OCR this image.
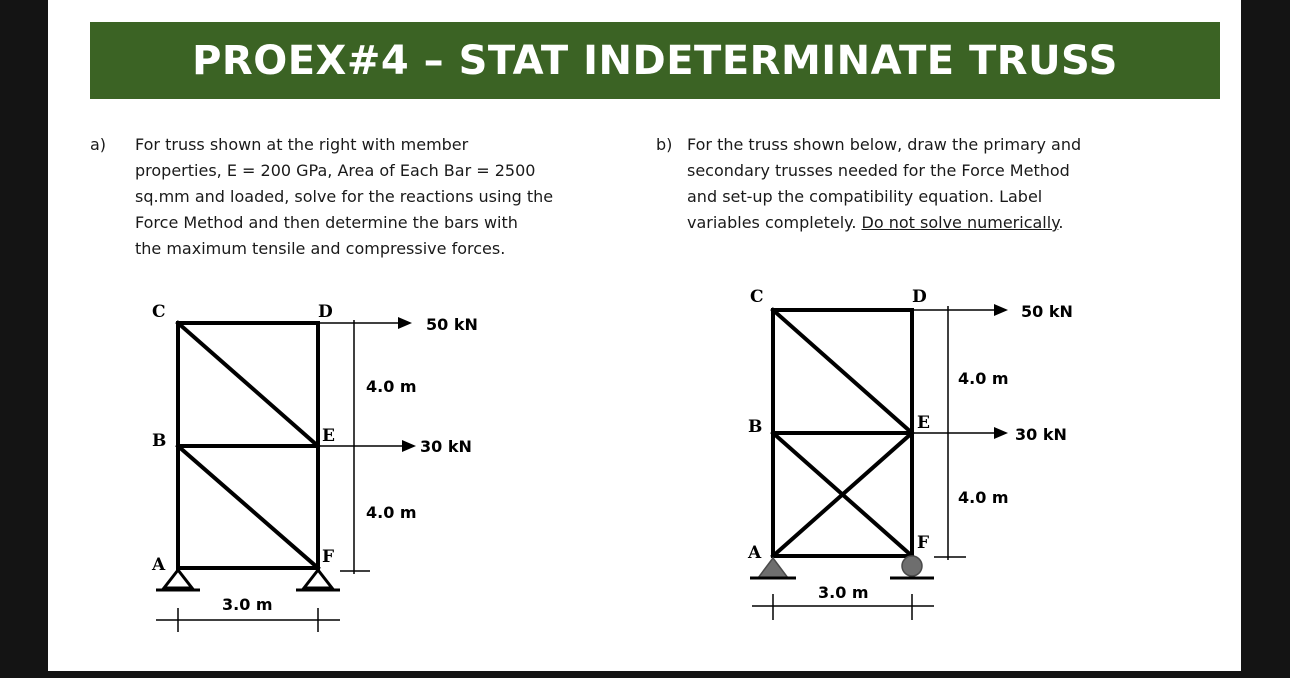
PROEX#4 – STAT INDETERMINATE TRUSS
a) For truss shown at the right with member
properties, E = 200 GPa, Area of Each Bar = 2500
sq.mm and loaded, solve for the reactions using the
Force Method and then determine the bars with
the maximum tensile and compressive forces.
b) For the truss shown below, draw the primary and
secondary trusses needed for the Force Method
and set-up the compatibility equation. Label
variables completely. Do not solve numerically.
C	D
B	E
A	F
50 kN
30 kN
4.0 m
4.0 m
3.0 m
C	D
B	E
A	F
50 kN
30 kN
4.0 m
4.0 m
3.0 m
